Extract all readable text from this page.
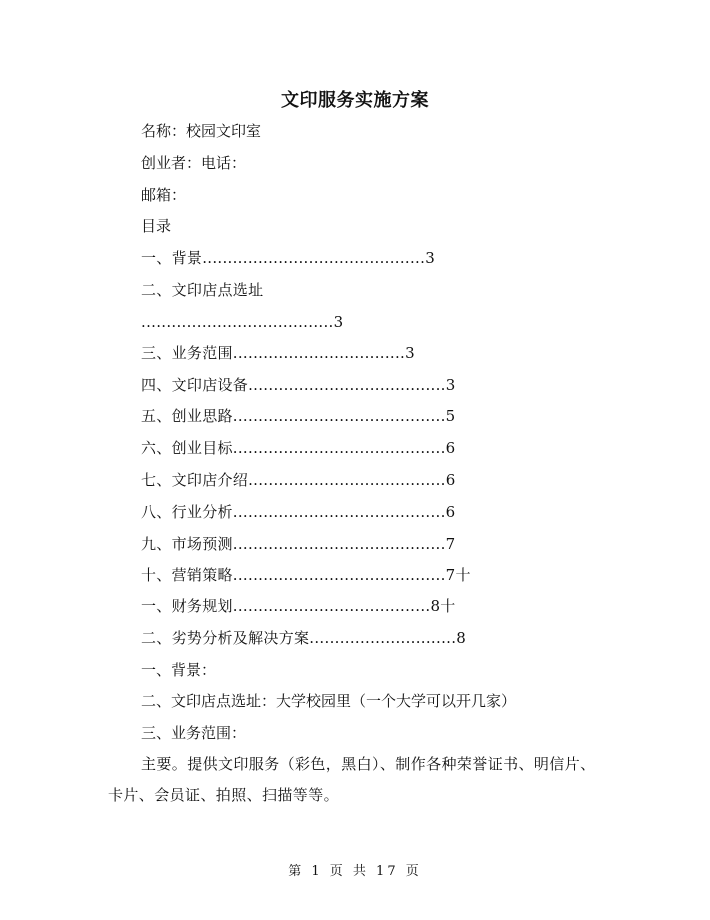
文印服务实施方案
名称：校园文印室
创业者：电话：
邮箱：
目录
一、背景............................................3
二、文印店点选址
......................................3
三、业务范围..................................3
四、文印店设备.......................................3
五、创业思路..........................................5
六、创业目标..........................................6
七、文印店介绍.......................................6
八、行业分析..........................................6
九、市场预测..........................................7
十、营销策略..........................................7十
一、财务规划.......................................8十
二、劣势分析及解决方案.............................8
一、背景：
二、文印店点选址：大学校园里（一个大学可以开几家）
三、业务范围：
主要。提供文印服务（彩色，黑白）、制作各种荣誉证书、明信片、卡片、会员证、拍照、扫描等等。
第 1 页 共 17 页
